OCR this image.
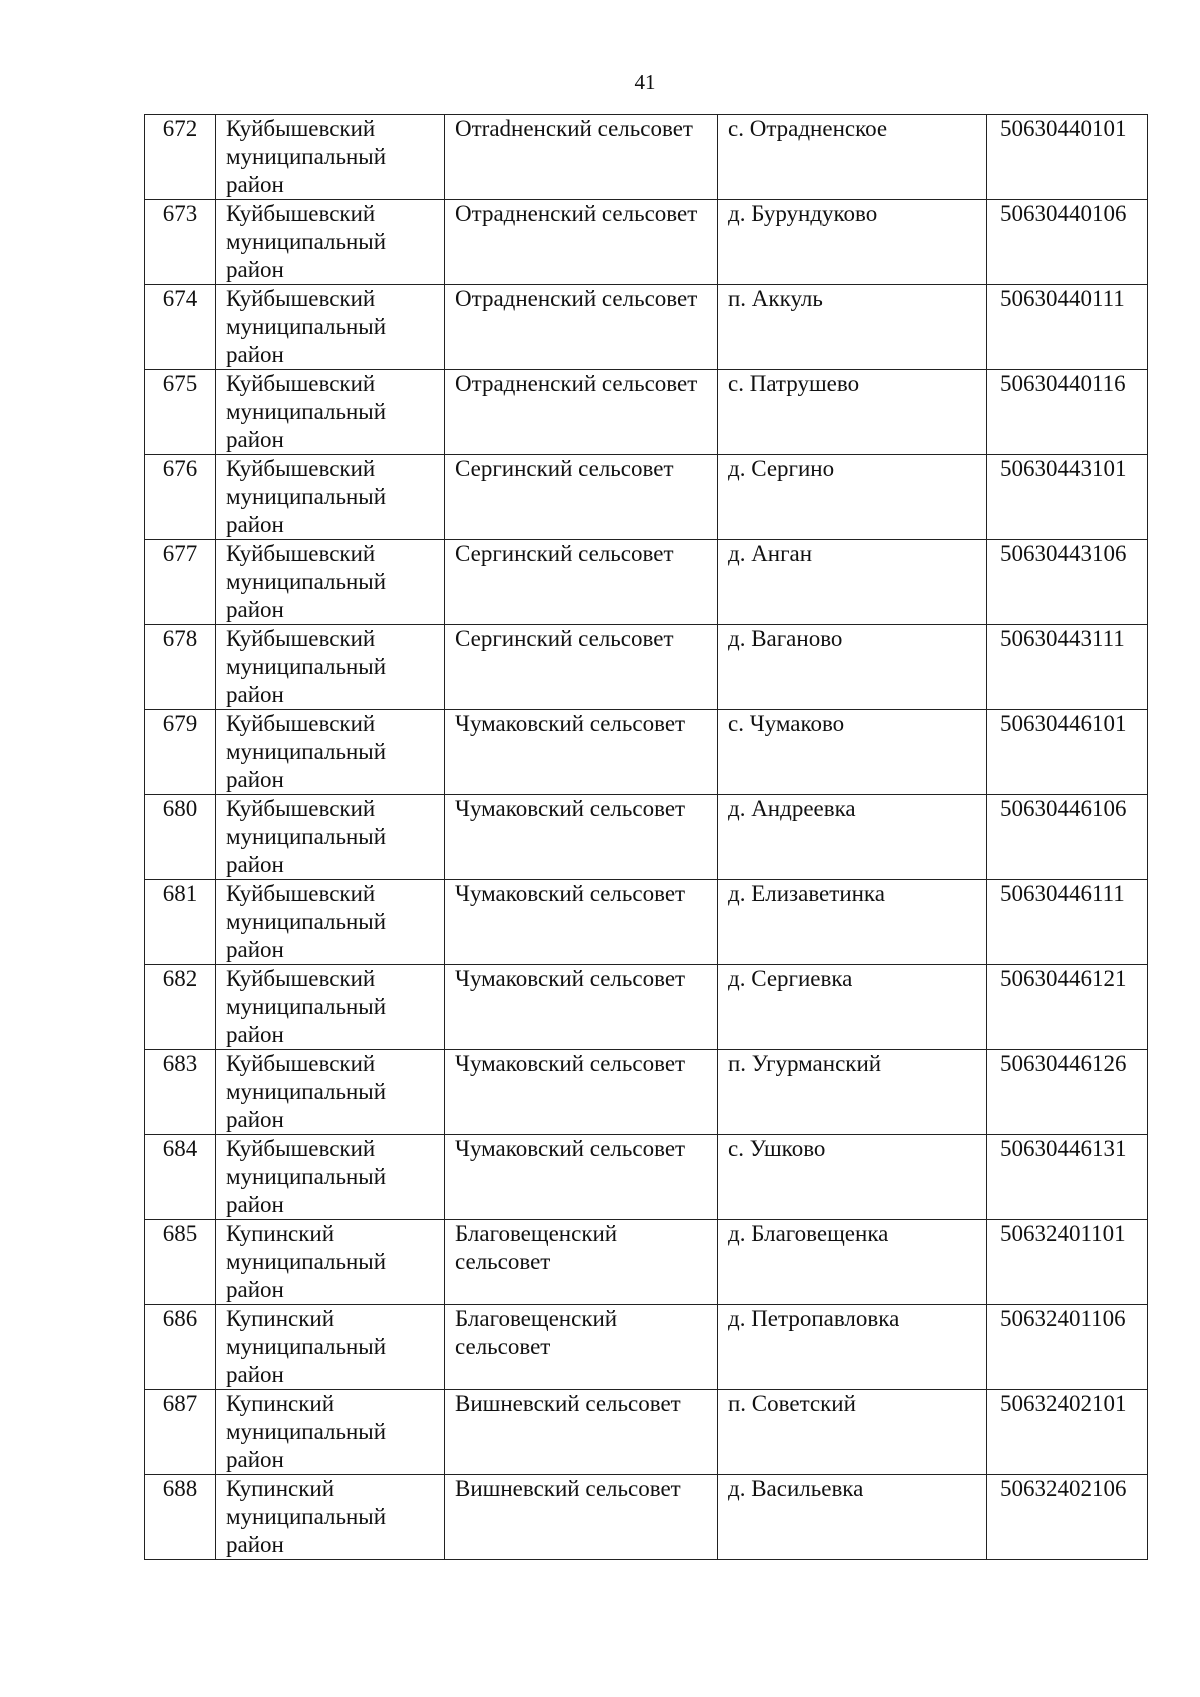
41
672	Куйбышевский муниципальный район	Отradненский сельсовет	с. Отрадненское	50630440101
673	Куйбышевский муниципальный район	Отрадненский сельсовет	д. Бурундуково	50630440106
674	Куйбышевский муниципальный район	Отрадненский сельсовет	п. Аккуль	50630440111
675	Куйбышевский муниципальный район	Отрадненский сельсовет	с. Патрушево	50630440116
676	Куйбышевский муниципальный район	Сергинский сельсовет	д. Сергино	50630443101
677	Куйбышевский муниципальный район	Сергинский сельсовет	д. Анган	50630443106
678	Куйбышевский муниципальный район	Сергинский сельсовет	д. Ваганово	50630443111
679	Куйбышевский муниципальный район	Чумаковский сельсовет	с. Чумаково	50630446101
680	Куйбышевский муниципальный район	Чумаковский сельсовет	д. Андреевка	50630446106
681	Куйбышевский муниципальный район	Чумаковский сельсовет	д. Елизаветинка	50630446111
682	Куйбышевский муниципальный район	Чумаковский сельсовет	д. Сергиевка	50630446121
683	Куйбышевский муниципальный район	Чумаковский сельсовет	п. Угурманский	50630446126
684	Куйбышевский муниципальный район	Чумаковский сельсовет	с. Ушково	50630446131
685	Купинский муниципальный район	Благовещенский сельсовет	д. Благовещенка	50632401101
686	Купинский муниципальный район	Благовещенский сельсовет	д. Петропавловка	50632401106
687	Купинский муниципальный район	Вишневский сельсовет	п. Советский	50632402101
688	Купинский муниципальный район	Вишневский сельсовет	д. Васильевка	50632402106
